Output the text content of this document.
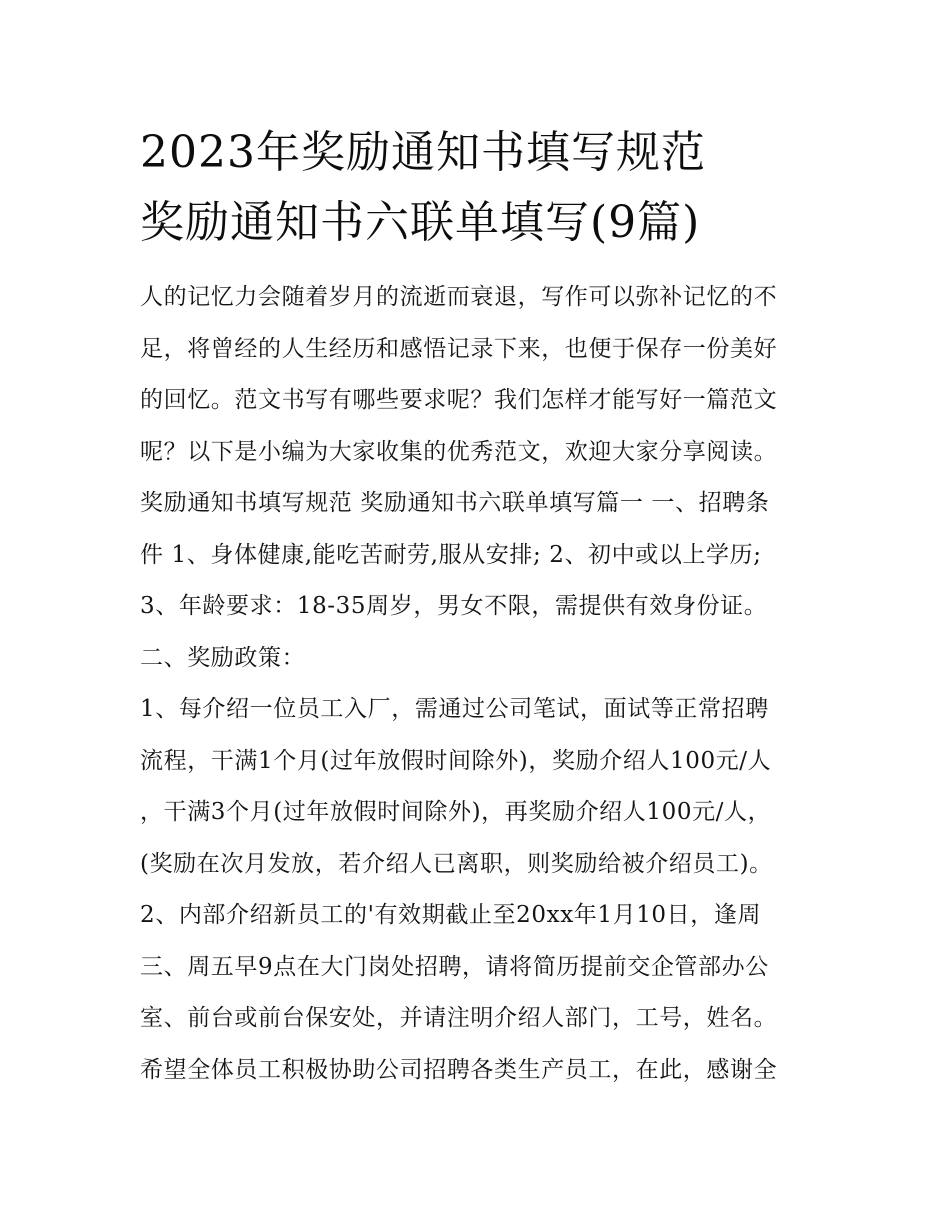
2023年奖励通知书填写规范
奖励通知书六联单填写(9篇)
人的记忆力会随着岁月的流逝而衰退，写作可以弥补记忆的不
足，将曾经的人生经历和感悟记录下来，也便于保存一份美好
的回忆。范文书写有哪些要求呢？我们怎样才能写好一篇范文
呢？以下是小编为大家收集的优秀范文，欢迎大家分享阅读。
奖励通知书填写规范 奖励通知书六联单填写篇一 一、招聘条
件 1、身体健康,能吃苦耐劳,服从安排; 2、初中或以上学历;
3、年龄要求：18-35周岁，男女不限，需提供有效身份证。
二、奖励政策：
1、每介绍一位员工入厂，需通过公司笔试，面试等正常招聘
流程，干满1个月(过年放假时间除外)，奖励介绍人100元/人
，干满3个月(过年放假时间除外)，再奖励介绍人100元/人，
(奖励在次月发放，若介绍人已离职，则奖励给被介绍员工)。
2、内部介绍新员工的'有效期截止至20xx年1月10日，逢周
三、周五早9点在大门岗处招聘，请将简历提前交企管部办公
室、前台或前台保安处，并请注明介绍人部门，工号，姓名。
希望全体员工积极协助公司招聘各类生产员工，在此，感谢全
